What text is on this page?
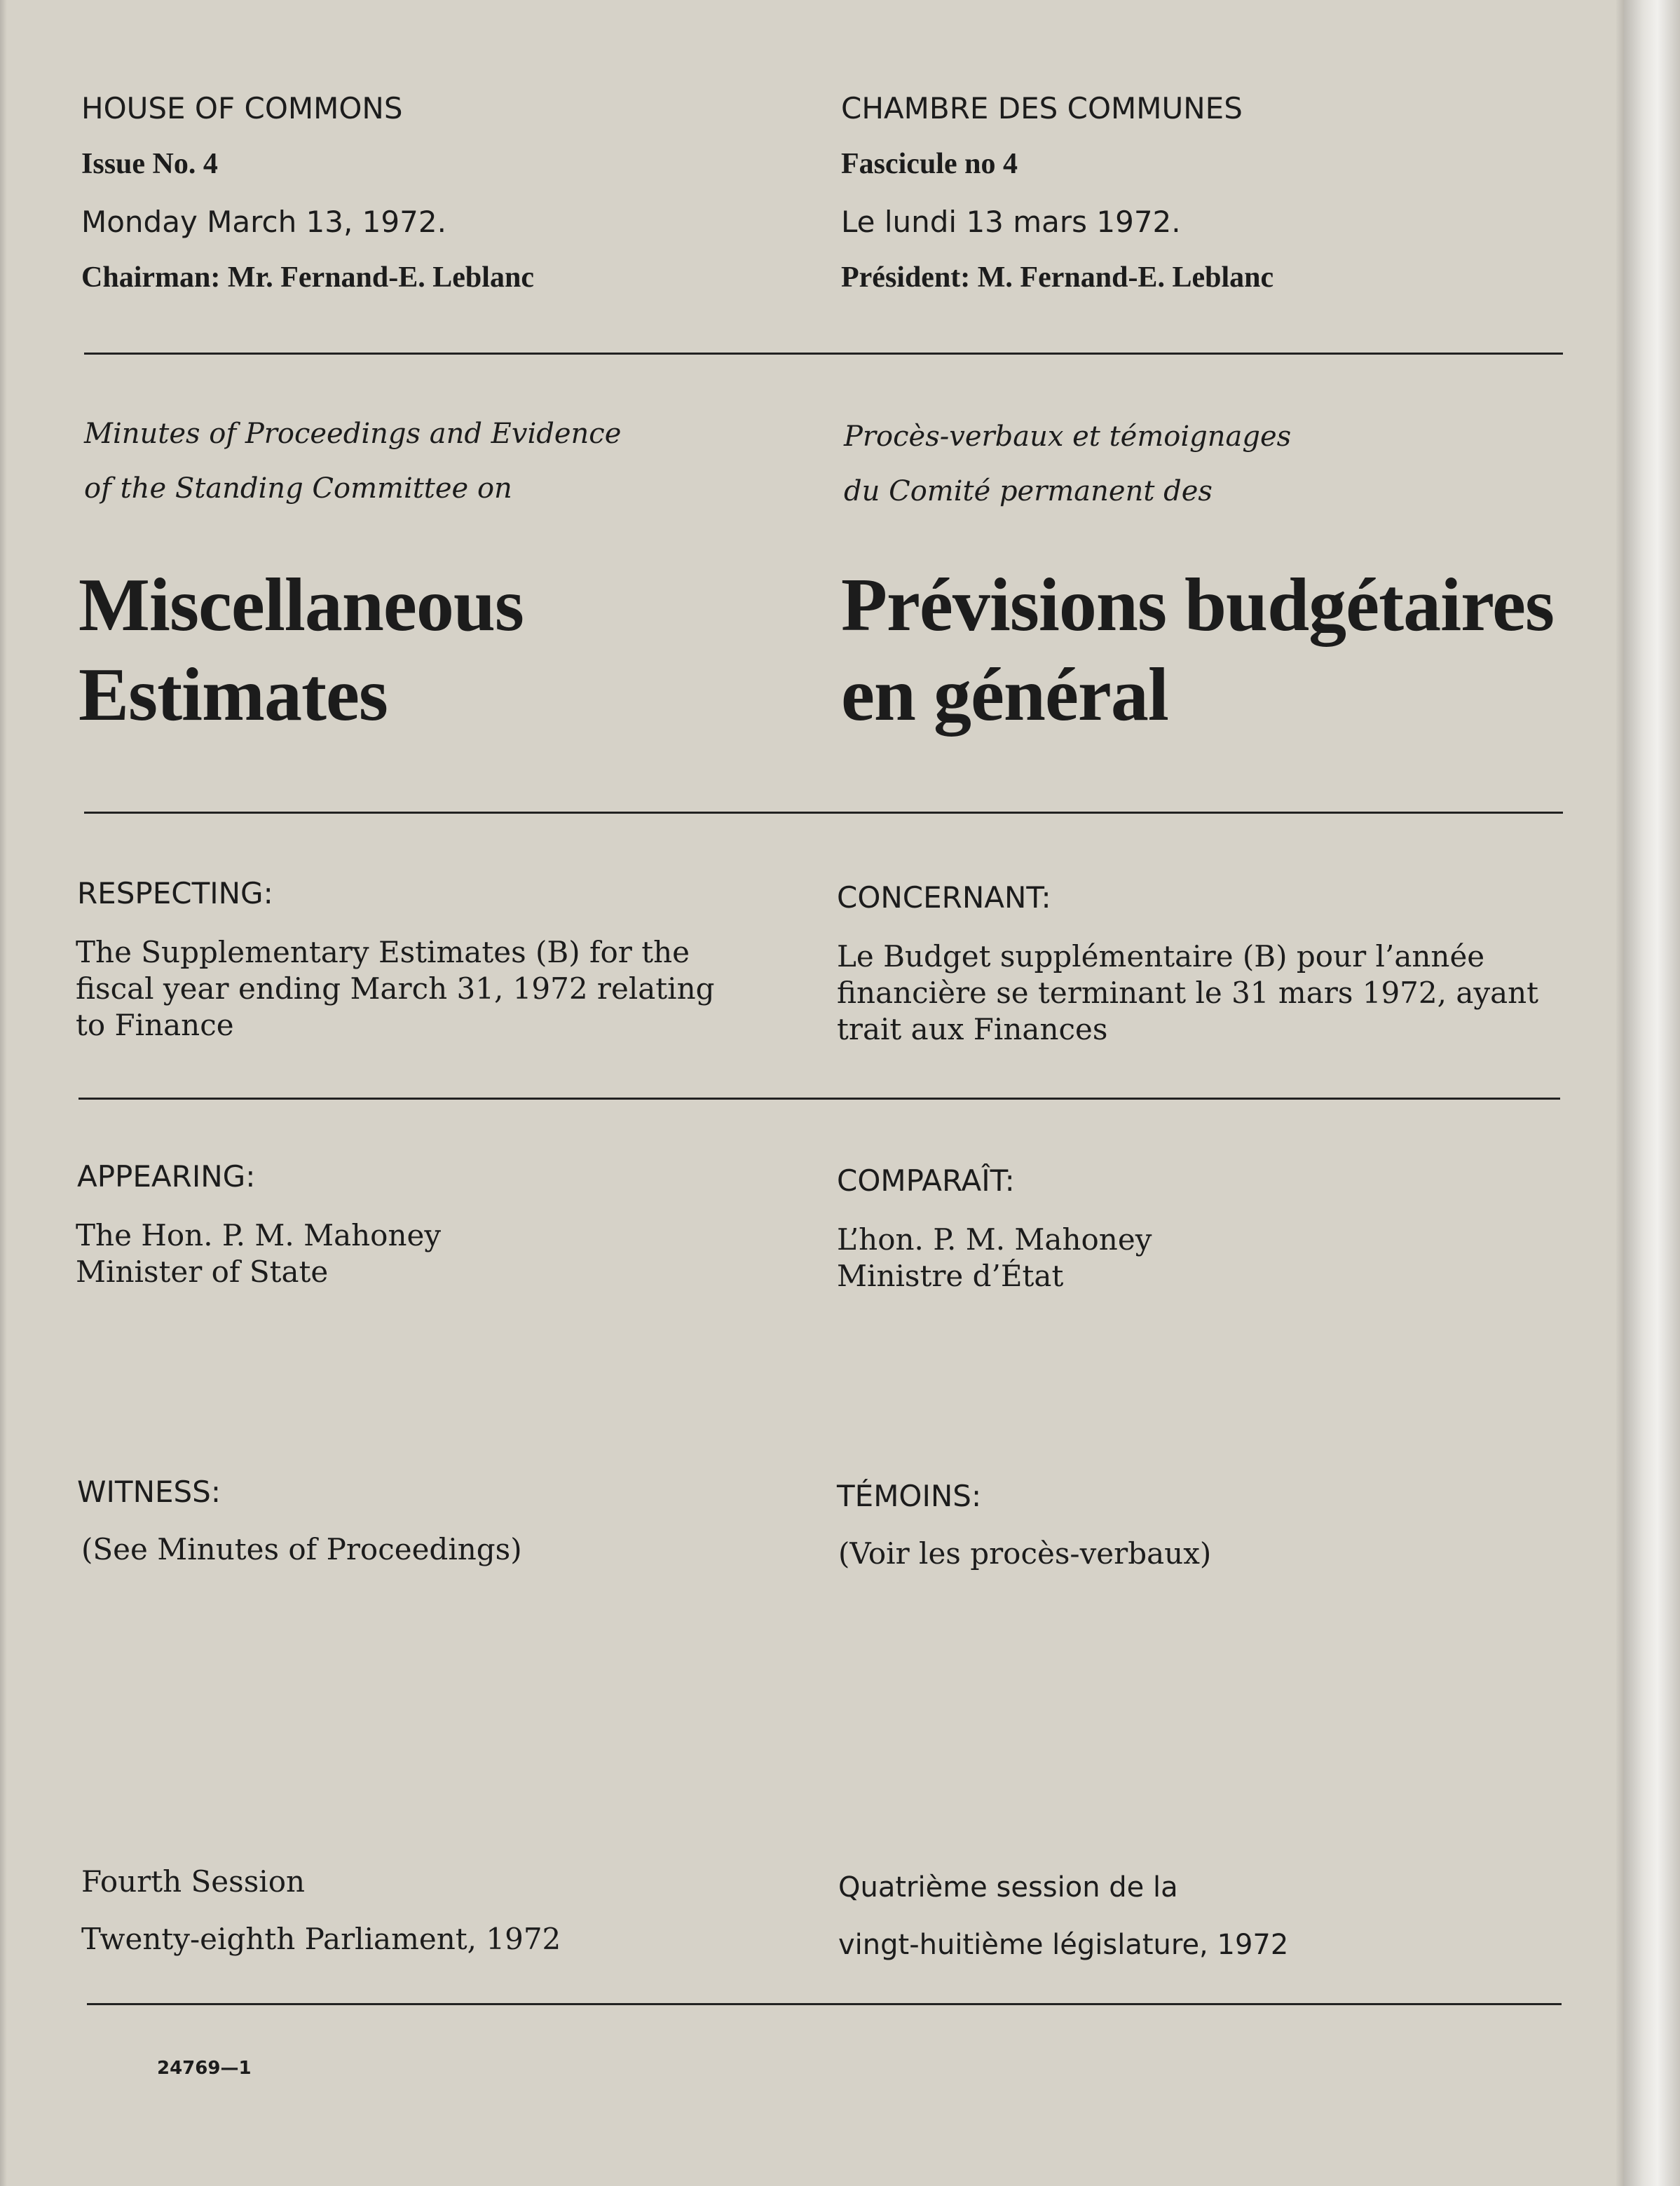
HOUSE OF COMMONS	CHAMBRE DES COMMUNES
Issue No. 4	Fascicule no 4
Monday March 13, 1972.	Le lundi 13 mars 1972.
Chairman: Mr. Fernand-E. Leblanc	Président: M. Fernand-E. Leblanc
Minutes of Proceedings and Evidence
of the Standing Committee on
Procès-verbaux et témoignages
du Comité permanent des
Miscellaneous
Estimates
Prévisions budgétaires
en général
RESPECTING:
The Supplementary Estimates (B) for the
fiscal year ending March 31, 1972 relating
to Finance
CONCERNANT:
Le Budget supplémentaire (B) pour l’année
financière se terminant le 31 mars 1972, ayant
trait aux Finances
APPEARING:
The Hon. P. M. Mahoney
Minister of State
COMPARAÎT:
L’hon. P. M. Mahoney
Ministre d’État
WITNESS:
(See Minutes of Proceedings)
TÉMOINS:
(Voir les procès-verbaux)
Fourth Session
Twenty-eighth Parliament, 1972
Quatrième session de la
vingt-huitième législature, 1972
24769—1
